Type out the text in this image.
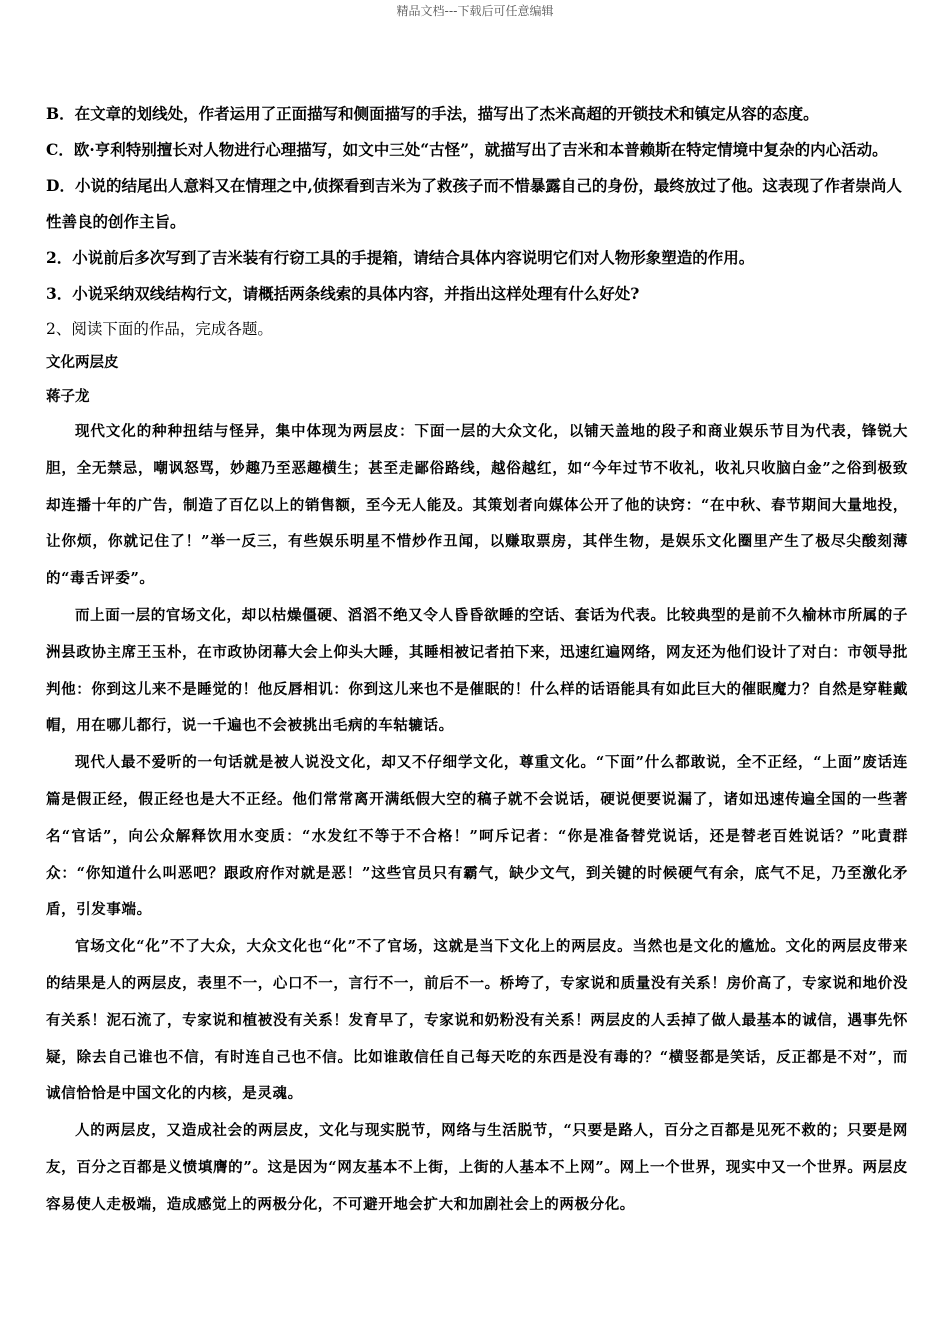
精品文档---下载后可任意编辑

B．在文章的划线处，作者运用了正面描写和侧面描写的手法，描写出了杰米高超的开锁技术和镇定从容的态度。

C．欧·亨利特别擅长对人物进行心理描写，如文中三处“古怪”，就描写出了吉米和本普赖斯在特定情境中复杂的内心活动。

D．小说的结尾出人意料又在情理之中,侦探看到吉米为了救孩子而不惜暴露自己的身份，最终放过了他。这表现了作者崇尚人性善良的创作主旨。

2．小说前后多次写到了吉米装有行窃工具的手提箱，请结合具体内容说明它们对人物形象塑造的作用。

3．小说采纳双线结构行文，请概括两条线索的具体内容，并指出这样处理有什么好处?

2、阅读下面的作品，完成各题。

文化两层皮

蒋子龙

现代文化的种种扭结与怪异，集中体现为两层皮：下面一层的大众文化，以铺天盖地的段子和商业娱乐节目为代表，锋锐大胆，全无禁忌，嘲讽怒骂，妙趣乃至恶趣横生；甚至走鄙俗路线，越俗越红，如“今年过节不收礼，收礼只收脑白金”之俗到极致却连播十年的广告，制造了百亿以上的销售额，至今无人能及。其策划者向媒体公开了他的诀窍：“在中秋、春节期间大量地投，让你烦，你就记住了！”举一反三，有些娱乐明星不惜炒作丑闻，以赚取票房，其伴生物，是娱乐文化圈里产生了极尽尖酸刻薄的“毒舌评委”。

而上面一层的官场文化，却以枯燥僵硬、滔滔不绝又令人昏昏欲睡的空话、套话为代表。比较典型的是前不久榆林市所属的子洲县政协主席王玉朴，在市政协闭幕大会上仰头大睡，其睡相被记者拍下来，迅速红遍网络，网友还为他们设计了对白：市领导批判他：你到这儿来不是睡觉的！他反唇相讥：你到这儿来也不是催眠的！什么样的话语能具有如此巨大的催眠魔力？自然是穿鞋戴帽，用在哪儿都行，说一千遍也不会被挑出毛病的车轱辘话。

现代人最不爱听的一句话就是被人说没文化，却又不仔细学文化，尊重文化。“下面”什么都敢说，全不正经，“上面”废话连篇是假正经，假正经也是大不正经。他们常常离开满纸假大空的稿子就不会说话，硬说便要说漏了，诸如迅速传遍全国的一些著名“官话”，向公众解释饮用水变质：“水发红不等于不合格！”呵斥记者：“你是准备替党说话，还是替老百姓说话？”叱責群众：“你知道什么叫恶吧？跟政府作对就是恶！”这些官员只有霸气，缺少文气，到关键的时候硬气有余，底气不足，乃至激化矛盾，引发事端。

官场文化“化”不了大众，大众文化也“化”不了官场，这就是当下文化上的两层皮。当然也是文化的尴尬。文化的两层皮带来的结果是人的两层皮，表里不一，心口不一，言行不一，前后不一。桥垮了，专家说和质量没有关系！房价高了，专家说和地价没有关系！泥石流了，专家说和植被没有关系！发育早了，专家说和奶粉没有关系！两层皮的人丢掉了做人最基本的诚信，遇事先怀疑，除去自己谁也不信，有时连自己也不信。比如谁敢信任自己每天吃的东西是没有毒的？“横竖都是笑话，反正都是不对”，而诚信恰恰是中国文化的内核，是灵魂。

人的两层皮，又造成社会的两层皮，文化与现实脱节，网络与生活脱节，“只要是路人，百分之百都是见死不救的；只要是网友，百分之百都是义愤填膺的”。这是因为“网友基本不上街，上街的人基本不上网”。网上一个世界，现实中又一个世界。两层皮容易使人走极端，造成感觉上的两极分化，不可避开地会扩大和加剧社会上的两极分化。
